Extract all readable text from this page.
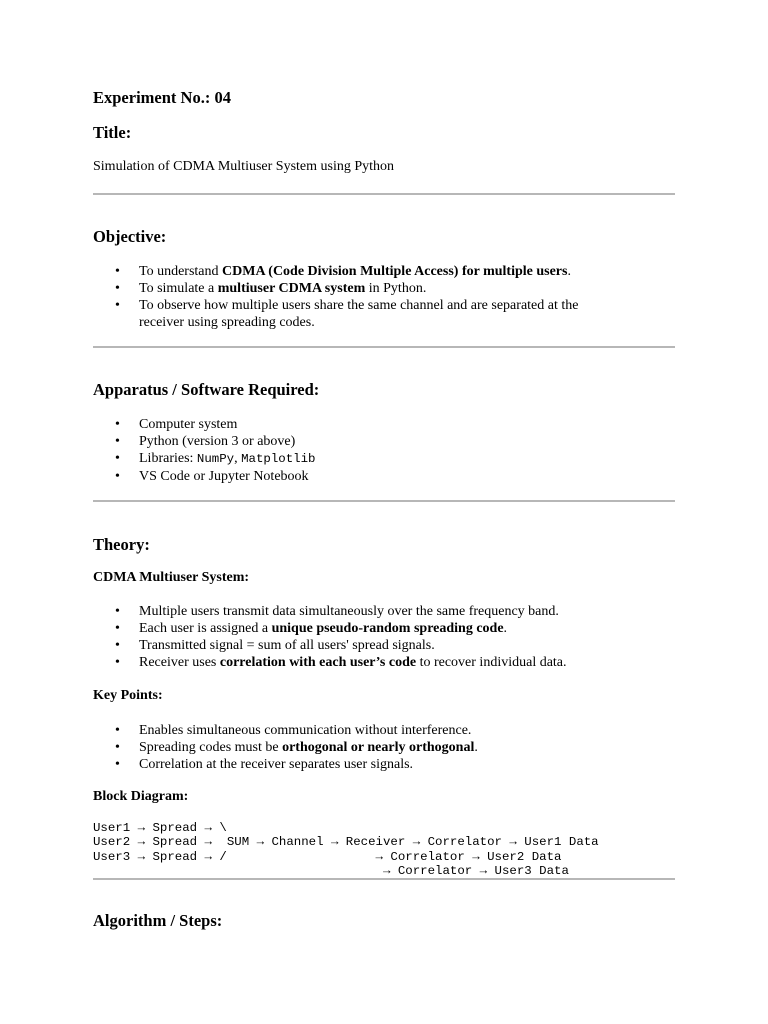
Experiment No.: 04
Title:
Simulation of CDMA Multiuser System using Python
Objective:
• To understand CDMA (Code Division Multiple Access) for multiple users.
• To simulate a multiuser CDMA system in Python.
• To observe how multiple users share the same channel and are separated at the
receiver using spreading codes.
Apparatus / Software Required:
• Computer system
• Python (version 3 or above)
• Libraries: NumPy, Matplotlib
• VS Code or Jupyter Notebook
Theory:
CDMA Multiuser System:
• Multiple users transmit data simultaneously over the same frequency band.
• Each user is assigned a unique pseudo-random spreading code.
• Transmitted signal = sum of all users' spread signals.
• Receiver uses correlation with each user’s code to recover individual data.
Key Points:
• Enables simultaneous communication without interference.
• Spreading codes must be orthogonal or nearly orthogonal.
• Correlation at the receiver separates user signals.
Block Diagram:
User1 → Spread → \
User2 → Spread →  SUM → Channel → Receiver → Correlator → User1 Data
User3 → Spread → /                    → Correlator → User2 Data
→ Correlator → User3 Data
Algorithm / Steps:
